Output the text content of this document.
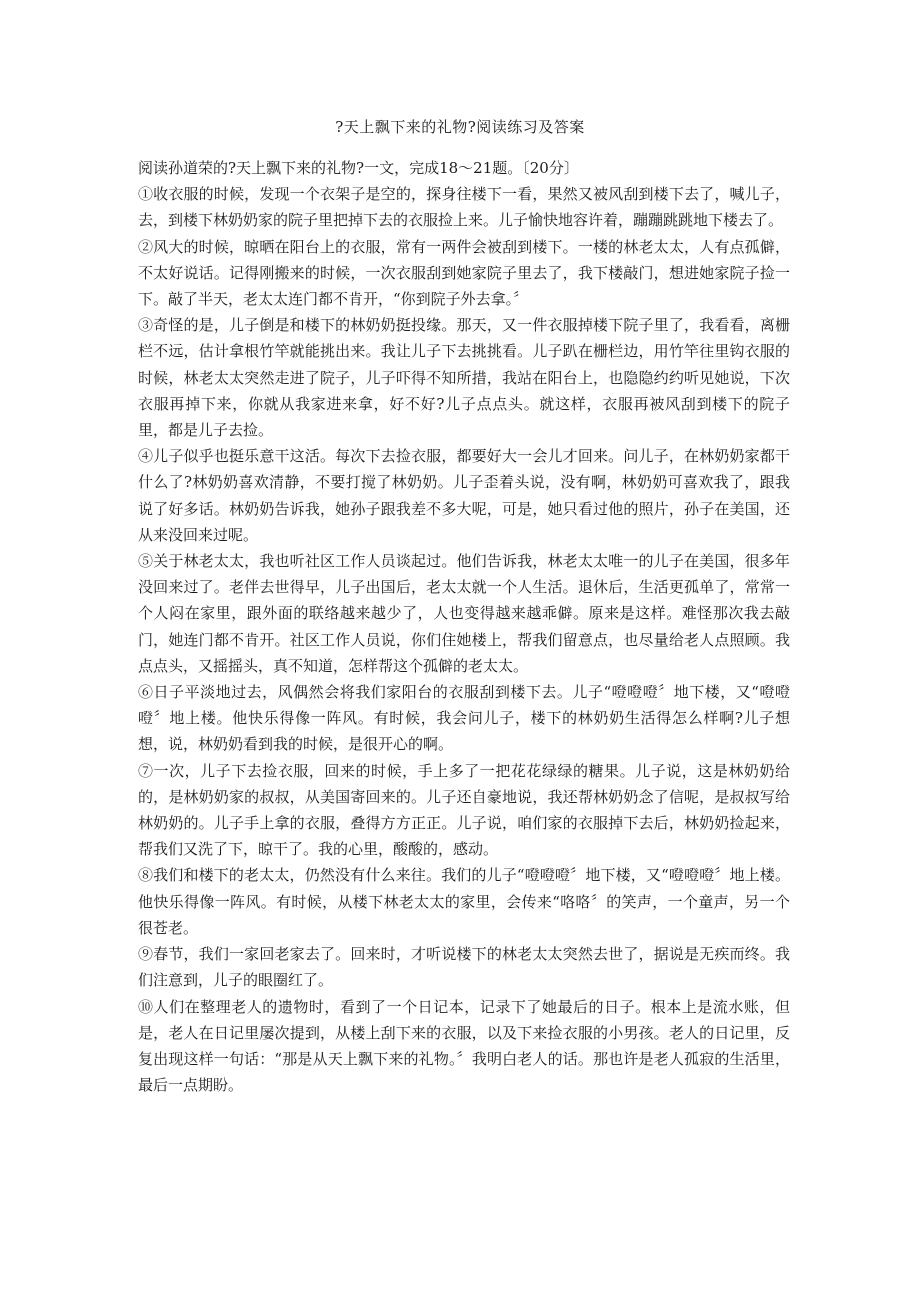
?天上飘下来的礼物?阅读练习及答案

阅读孙道荣的?天上飘下来的礼物?一文，完成18～21题。〔20分〕

①收衣服的时候，发现一个衣架子是空的，探身往楼下一看，果然又被风刮到楼下去了，喊儿子，去，到楼下林奶奶家的院子里把掉下去的衣服捡上来。儿子愉快地容许着，蹦蹦跳跳地下楼去了。

②风大的时候，晾晒在阳台上的衣服，常有一两件会被刮到楼下。一楼的林老太太，人有点孤僻，不太好说话。记得刚搬来的时候，一次衣服刮到她家院子里去了，我下楼敲门，想进她家院子捡一下。敲了半天，老太太连门都不肯开，“你到院子外去拿。〞

③奇怪的是，儿子倒是和楼下的林奶奶挺投缘。那天，又一件衣服掉楼下院子里了，我看看，离栅栏不远，估计拿根竹竿就能挑出来。我让儿子下去挑挑看。儿子趴在栅栏边，用竹竿往里钩衣服的时候，林老太太突然走进了院子，儿子吓得不知所措，我站在阳台上，也隐隐约约听见她说，下次衣服再掉下来，你就从我家进来拿，好不好?儿子点点头。就这样，衣服再被风刮到楼下的院子里，都是儿子去捡。

④儿子似乎也挺乐意干这活。每次下去捡衣服，都要好大一会儿才回来。问儿子，在林奶奶家都干什么了?林奶奶喜欢清静，不要打搅了林奶奶。儿子歪着头说，没有啊，林奶奶可喜欢我了，跟我说了好多话。林奶奶告诉我，她孙子跟我差不多大呢，可是，她只看过他的照片，孙子在美国，还从来没回来过呢。

⑤关于林老太太，我也听社区工作人员谈起过。他们告诉我，林老太太唯一的儿子在美国，很多年没回来过了。老伴去世得早，儿子出国后，老太太就一个人生活。退休后，生活更孤单了，常常一个人闷在家里，跟外面的联络越来越少了，人也变得越来越乖僻。原来是这样。难怪那次我去敲门，她连门都不肯开。社区工作人员说，你们住她楼上，帮我们留意点，也尽量给老人点照顾。我点点头，又摇摇头，真不知道，怎样帮这个孤僻的老太太。

⑥日子平淡地过去，风偶然会将我们家阳台的衣服刮到楼下去。儿子“噔噔噔〞地下楼，又“噔噔噔〞地上楼。他快乐得像一阵风。有时候，我会问儿子，楼下的林奶奶生活得怎么样啊?儿子想想，说，林奶奶看到我的时候，是很开心的啊。

⑦一次，儿子下去捡衣服，回来的时候，手上多了一把花花绿绿的糖果。儿子说，这是林奶奶给的，是林奶奶家的叔叔，从美国寄回来的。儿子还自豪地说，我还帮林奶奶念了信呢，是叔叔写给林奶奶的。儿子手上拿的衣服，叠得方方正正。儿子说，咱们家的衣服掉下去后，林奶奶捡起来，帮我们又洗了下，晾干了。我的心里，酸酸的，感动。

⑧我们和楼下的老太太，仍然没有什么来往。我们的儿子“噔噔噔〞地下楼，又“噔噔噔〞地上楼。他快乐得像一阵风。有时候，从楼下林老太太的家里，会传来“咯咯〞的笑声，一个童声，另一个很苍老。

⑨春节，我们一家回老家去了。回来时，才听说楼下的林老太太突然去世了，据说是无疾而终。我们注意到，儿子的眼圈红了。

⑩人们在整理老人的遗物时，看到了一个日记本，记录下了她最后的日子。根本上是流水账，但是，老人在日记里屡次提到，从楼上刮下来的衣服，以及下来捡衣服的小男孩。老人的日记里，反复出现这样一句话：“那是从天上飘下来的礼物。〞我明白老人的话。那也许是老人孤寂的生活里，最后一点期盼。
